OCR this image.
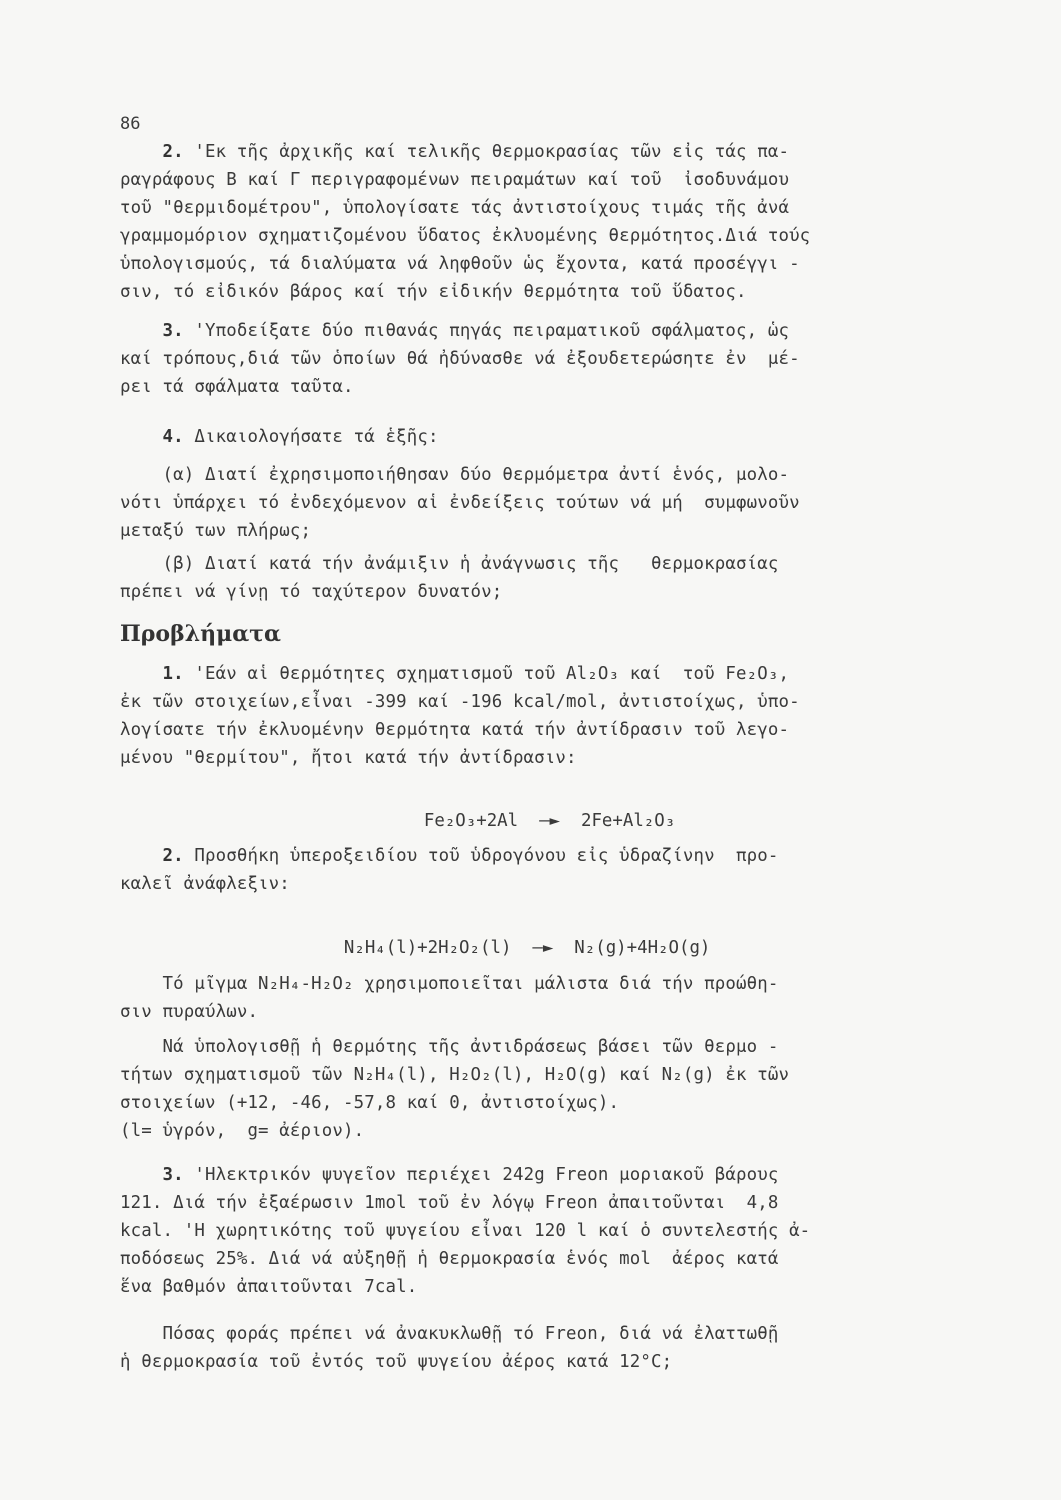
86
2. 'Εκ τῆς ἀρχικῆς καί τελικῆς θερμοκρασίας τῶν εἰς τάς πα-
ραγράφους Β καί Γ περιγραφομένων πειραμάτων καί τοῦ  ἰσοδυνάμου
τοῦ "θερμιδομέτρου", ὑπολογίσατε τάς ἀντιστοίχους τιμάς τῆς ἀνά
γραμμομόριον σχηματιζομένου ὕδατος ἐκλυομένης θερμότητος.Διά τούς
ὑπολογισμούς, τά διαλύματα νά ληφθοῦν ὡς ἔχοντα, κατά προσέγγι -
σιν, τό εἰδικόν βάρος καί τήν εἰδικήν θερμότητα τοῦ ὕδατος.
3. 'Υποδείξατε δύο πιθανάς πηγάς πειραματικοῦ σφάλματος, ὡς
καί τρόπους,διά τῶν ὁποίων θά ἠδύνασθε νά ἐξουδετερώσητε ἐν  μέ-
ρει τά σφάλματα ταῦτα.
4. Δικαιολογήσατε τά ἑξῆς:
(α) Διατί ἐχρησιμοποιήθησαν δύο θερμόμετρα ἀντί ἑνός, μολο-
νότι ὑπάρχει τό ἐνδεχόμενον αἱ ἐνδείξεις τούτων νά μή  συμφωνοῦν
μεταξύ των πλήρως;
(β) Διατί κατά τήν ἀνάμιξιν ἡ ἀνάγνωσις τῆς   θερμοκρασίας
πρέπει νά γίνῃ τό ταχύτερον δυνατόν;
Προβλήματα
1. 'Εάν αἱ θερμότητες σχηματισμοῦ τοῦ Al₂O₃ καί  τοῦ Fe₂O₃,
ἐκ τῶν στοιχείων,εἶναι -399 καί -196 kcal/mol, ἀντιστοίχως, ὑπο-
λογίσατε τήν ἐκλυομένην θερμότητα κατά τήν ἀντίδρασιν τοῦ λεγο-
μένου "θερμίτου", ἤτοι κατά τήν ἀντίδρασιν:

Fe₂O₃+2Al —► 2Fe+Al₂O₃

2. Προσθήκη ὑπεροξειδίου τοῦ ὑδρογόνου εἰς ὑδραζίνην  προ-
καλεῖ ἀνάφλεξιν:

N₂H₄(l)+2H₂O₂(l) —► N₂(g)+4H₂O(g)

Τό μῖγμα N₂H₄-H₂O₂ χρησιμοποιεῖται μάλιστα διά τήν προώθη-
σιν πυραύλων.
Νά ὑπολογισθῇ ἡ θερμότης τῆς ἀντιδράσεως βάσει τῶν θερμο -
τήτων σχηματισμοῦ τῶν N₂H₄(l), H₂O₂(l), H₂O(g) καί N₂(g) ἐκ τῶν
στοιχείων (+12, -46, -57,8 καί 0, ἀντιστοίχως).
(l= ὑγρόν,  g= ἀέριον).
3. 'Ηλεκτρικόν ψυγεῖον περιέχει 242g Freon μοριακοῦ βάρους
121. Διά τήν ἐξαέρωσιν 1mol τοῦ ἐν λόγῳ Freon ἀπαιτοῦνται  4,8
kcal. 'Η χωρητικότης τοῦ ψυγείου εἶναι 120 l καί ὁ συντελεστής ἀ-
ποδόσεως 25%. Διά νά αὐξηθῇ ἡ θερμοκρασία ἑνός mol  ἀέρος κατά
ἕνα βαθμόν ἀπαιτοῦνται 7cal.
Πόσας φοράς πρέπει νά ἀνακυκλωθῇ τό Freon, διά νά ἐλαττωθῇ
ἡ θερμοκρασία τοῦ ἐντός τοῦ ψυγείου ἀέρος κατά 12°C;
